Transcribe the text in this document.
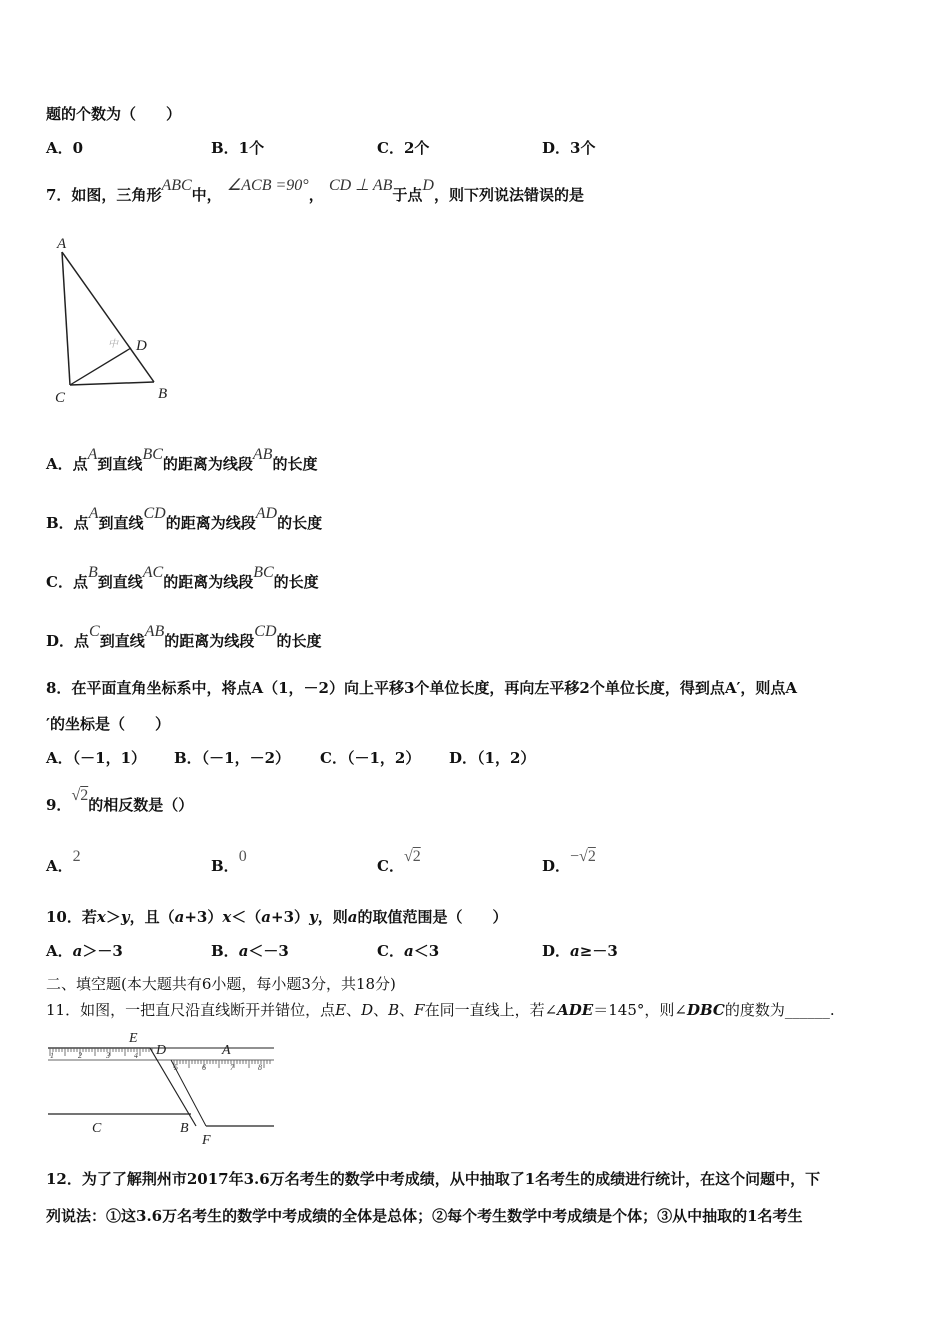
题的个数为（　　）
A．0	B．1个	C．2个	D．3个
7．如图，三角形ABC中， ∠ACB =90°， CD ⊥ AB于点D，则下列说法错误的是
A
D
C	B
中
A．点A到直线BC的距离为线段AB的长度
B．点A到直线CD的距离为线段AD的长度
C．点B到直线AC的距离为线段BC的长度
D．点C到直线AB的距离为线段CD的长度
8．在平面直角坐标系中，将点A（1，－2）向上平移3个单位长度，再向左平移2个单位长度，得到点A′，则点A
′的坐标是（　　）
A．（－1，1） B．（－1，－2） C．（－1，2） D．（1，2）
9．√2的相反数是（）
A．2
B．0
C．√2
D．−√2
10．若x＞y，且（a+3）x＜（a+3）y，则a的取值范围是（　　）
A．a＞－3	B．a＜－3	C．a＜3	D．a≥－3
二、填空题(本大题共有6小题，每小题3分，共18分)
11．如图，一把直尺沿直线断开并错位，点E、D、B、F在同一直线上，若∠ADE＝145°，则∠DBC的度数为______.
E
D	A
C	B
F
1	2	3	4
5	6	7	8
12．为了了解荆州市2017年3.6万名考生的数学中考成绩，从中抽取了1名考生的成绩进行统计，在这个问题中，下
列说法：①这3.6万名考生的数学中考成绩的全体是总体；②每个考生数学中考成绩是个体；③从中抽取的1名考生
